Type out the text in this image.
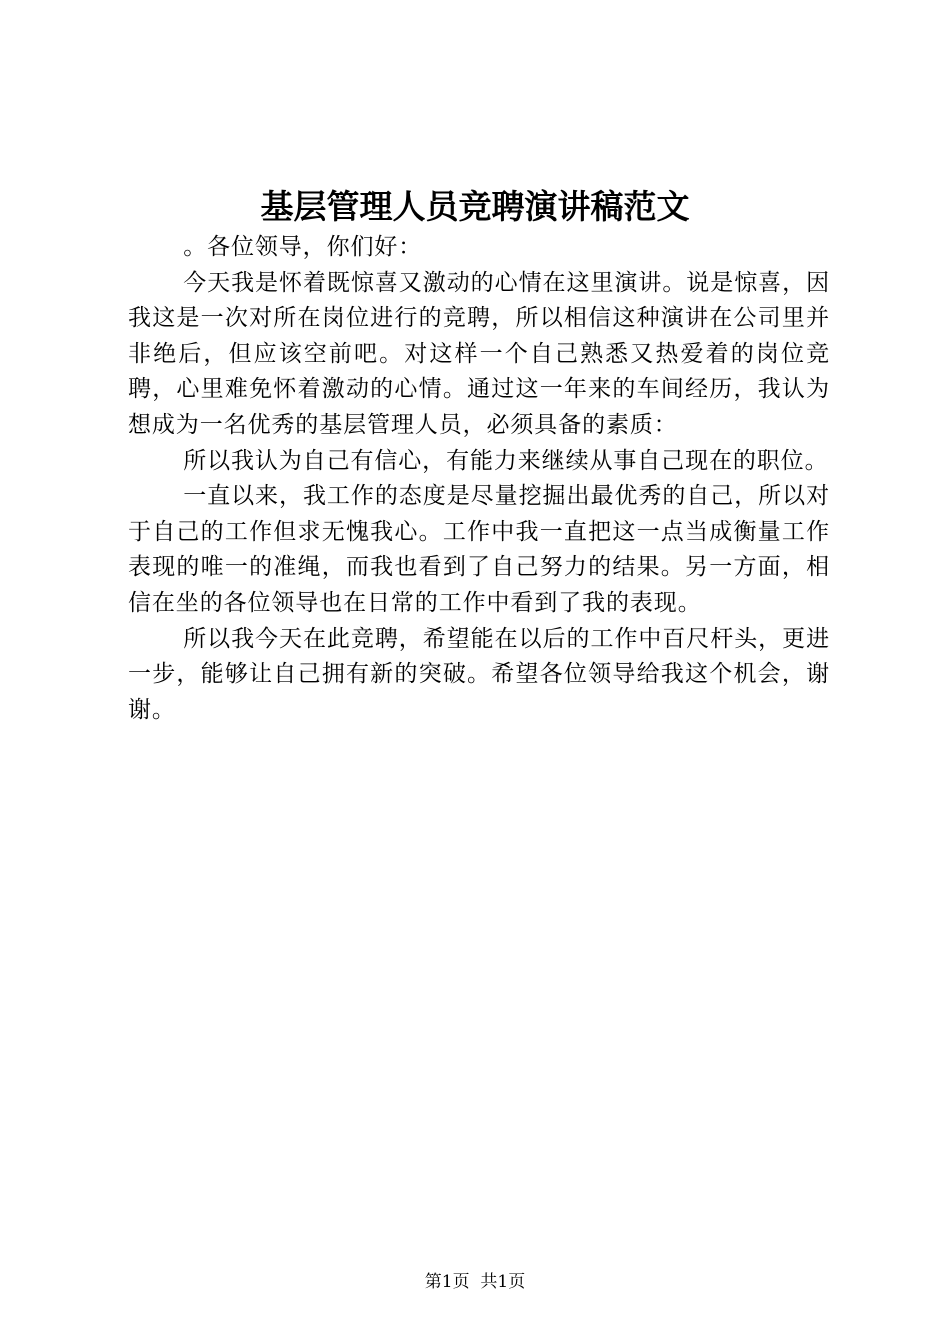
基层管理人员竞聘演讲稿范文

。各位领导，你们好：

今天我是怀着既惊喜又激动的心情在这里演讲。说是惊喜，因我这是一次对所在岗位进行的竞聘，所以相信这种演讲在公司里并非绝后，但应该空前吧。对这样一个自己熟悉又热爱着的岗位竞聘，心里难免怀着激动的心情。通过这一年来的车间经历，我认为想成为一名优秀的基层管理人员，必须具备的素质：

所以我认为自己有信心，有能力来继续从事自己现在的职位。

一直以来，我工作的态度是尽量挖掘出最优秀的自己，所以对于自己的工作但求无愧我心。工作中我一直把这一点当成衡量工作表现的唯一的准绳，而我也看到了自己努力的结果。另一方面，相信在坐的各位领导也在日常的工作中看到了我的表现。

所以我今天在此竞聘，希望能在以后的工作中百尺杆头，更进一步，能够让自己拥有新的突破。希望各位领导给我这个机会，谢谢。

第1页 共1页
